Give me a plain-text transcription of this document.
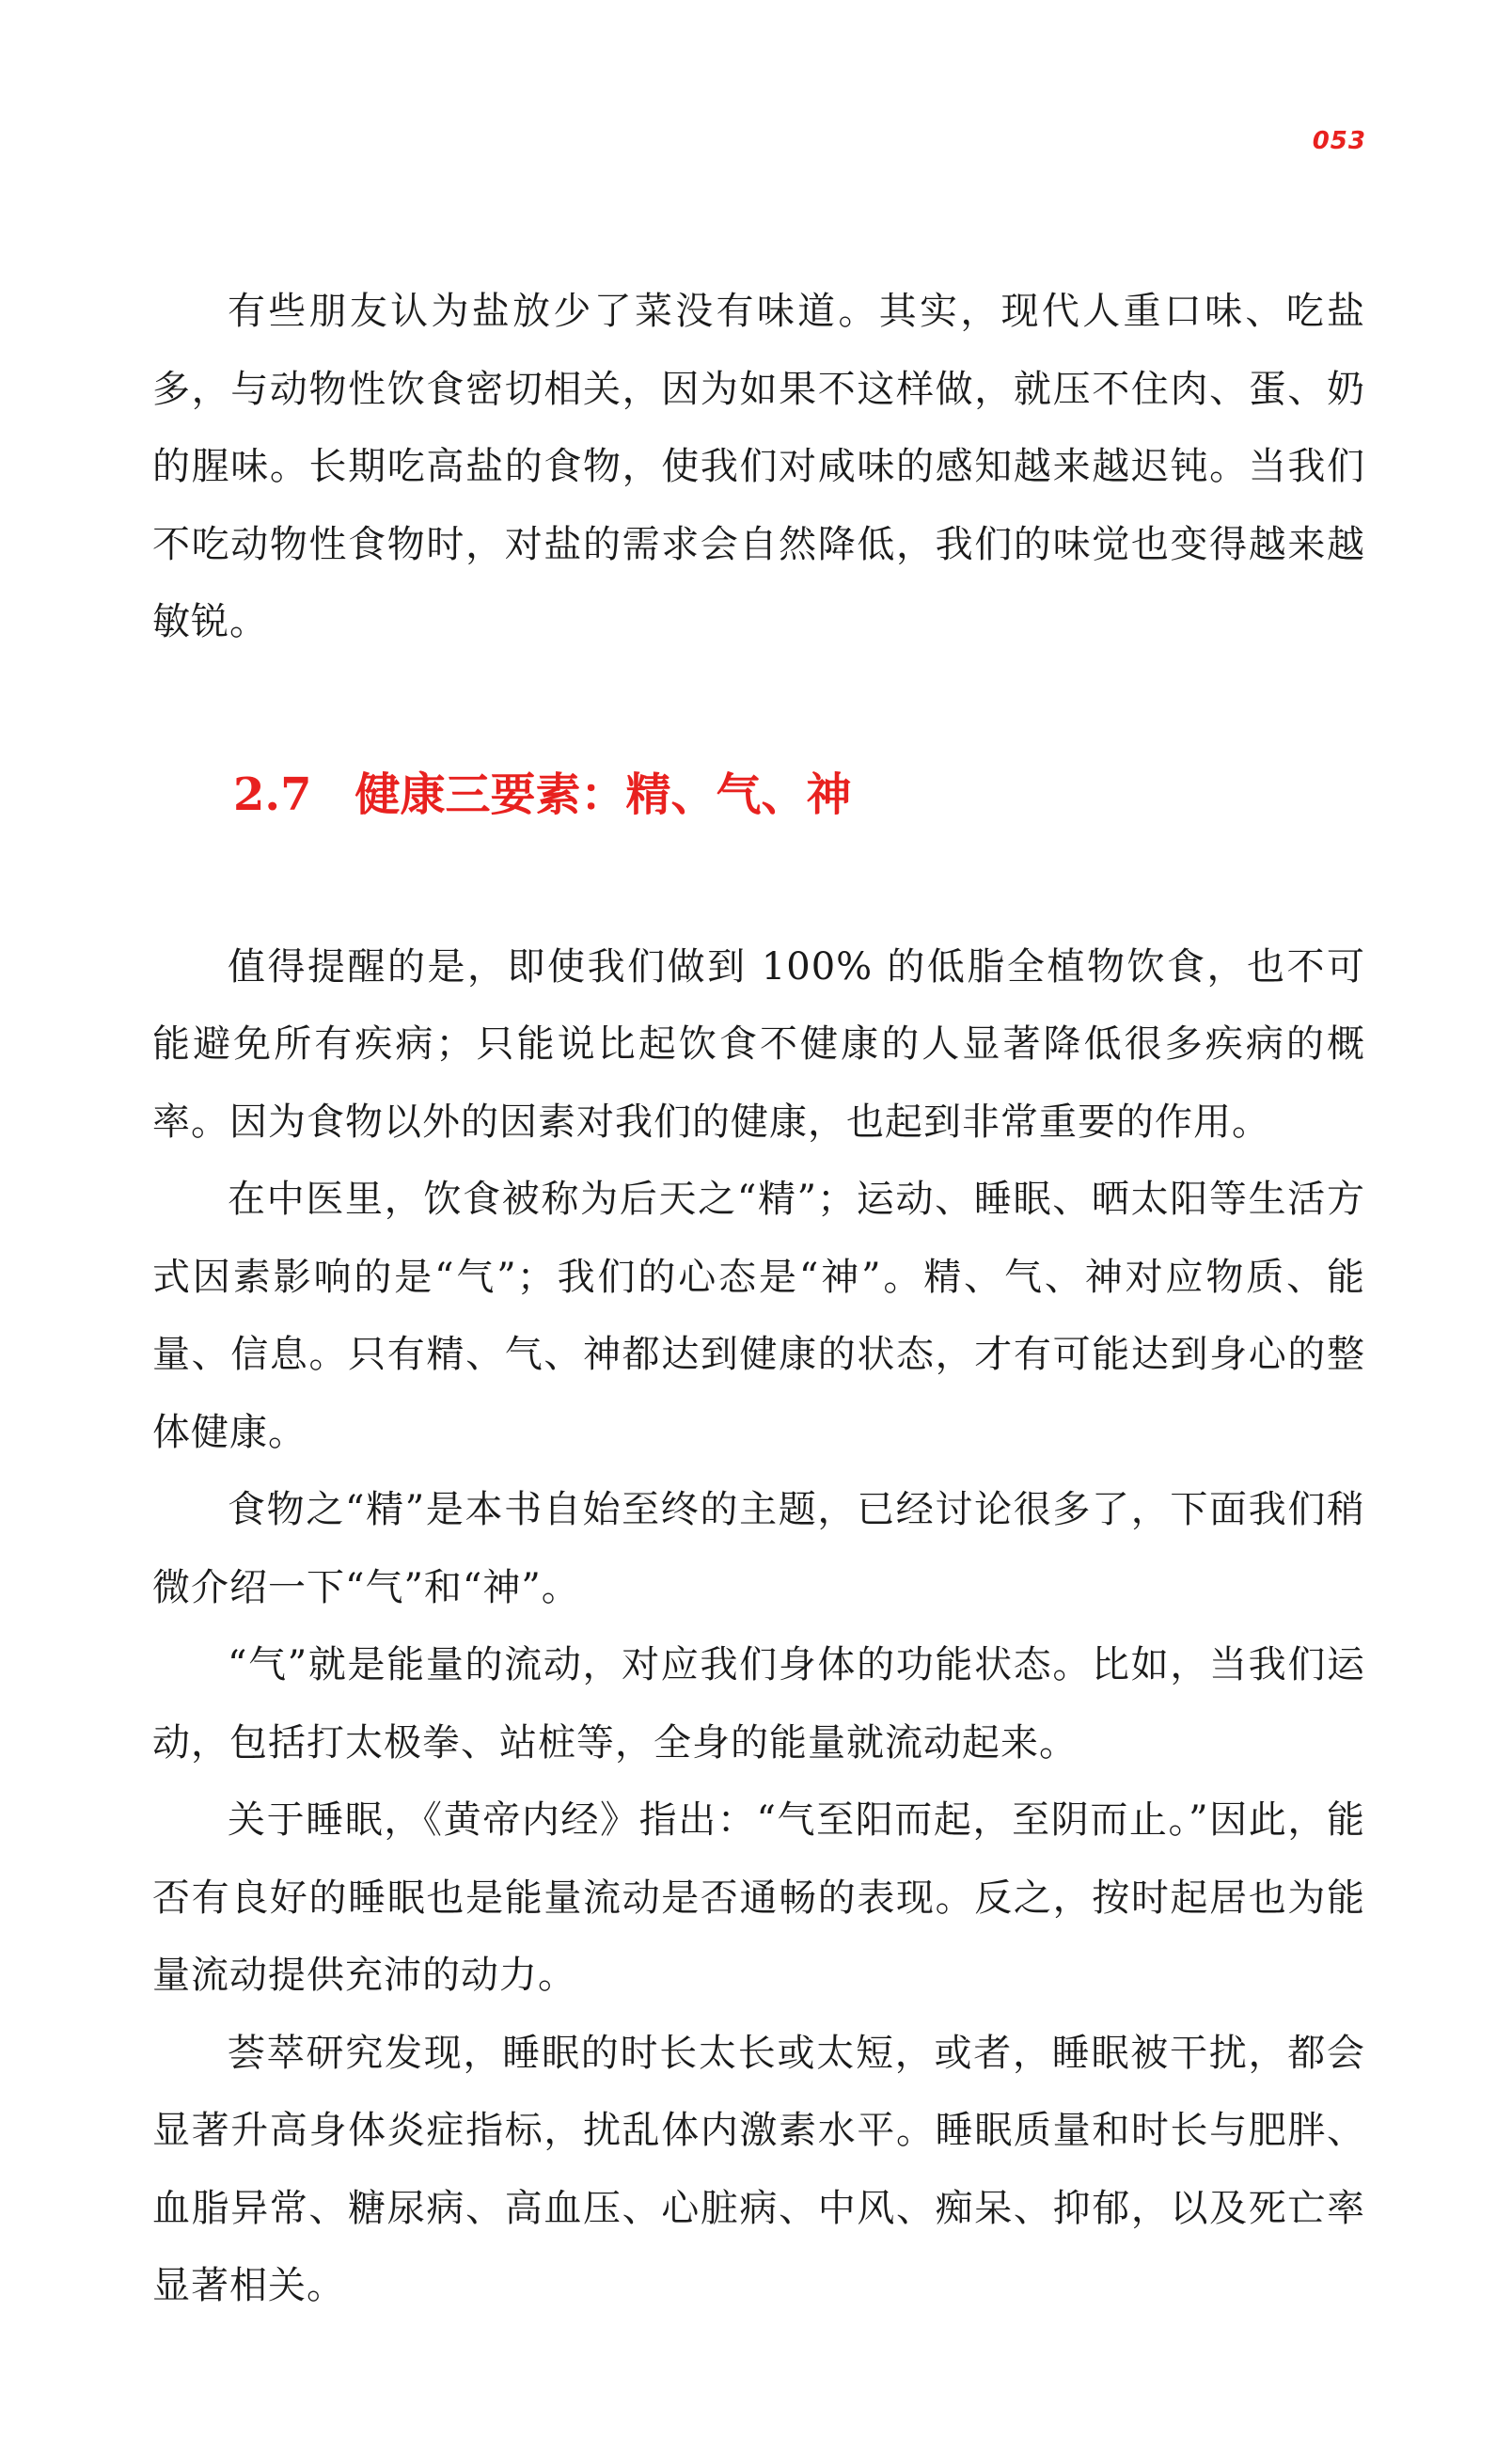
053

有些朋友认为盐放少了菜没有味道。其实，现代人重口味、吃盐多，与动物性饮食密切相关，因为如果不这样做，就压不住肉、蛋、奶的腥味。长期吃高盐的食物，使我们对咸味的感知越来越迟钝。当我们不吃动物性食物时，对盐的需求会自然降低，我们的味觉也变得越来越敏锐。

2.7 健康三要素：精、气、神

值得提醒的是，即使我们做到 100% 的低脂全植物饮食，也不可能避免所有疾病；只能说比起饮食不健康的人显著降低很多疾病的概率。因为食物以外的因素对我们的健康，也起到非常重要的作用。

在中医里，饮食被称为后天之“精”；运动、睡眠、晒太阳等生活方式因素影响的是“气”；我们的心态是“神”。精、气、神对应物质、能量、信息。只有精、气、神都达到健康的状态，才有可能达到身心的整体健康。

食物之“精”是本书自始至终的主题，已经讨论很多了，下面我们稍微介绍一下“气”和“神”。

“气”就是能量的流动，对应我们身体的功能状态。比如，当我们运动，包括打太极拳、站桩等，全身的能量就流动起来。

关于睡眠，《黄帝内经》指出：“气至阳而起，至阴而止。”因此，能否有良好的睡眠也是能量流动是否通畅的表现。反之，按时起居也为能量流动提供充沛的动力。

荟萃研究发现，睡眠的时长太长或太短，或者，睡眠被干扰，都会显著升高身体炎症指标，扰乱体内激素水平。睡眠质量和时长与肥胖、血脂异常、糖尿病、高血压、心脏病、中风、痴呆、抑郁，以及死亡率显著相关。
